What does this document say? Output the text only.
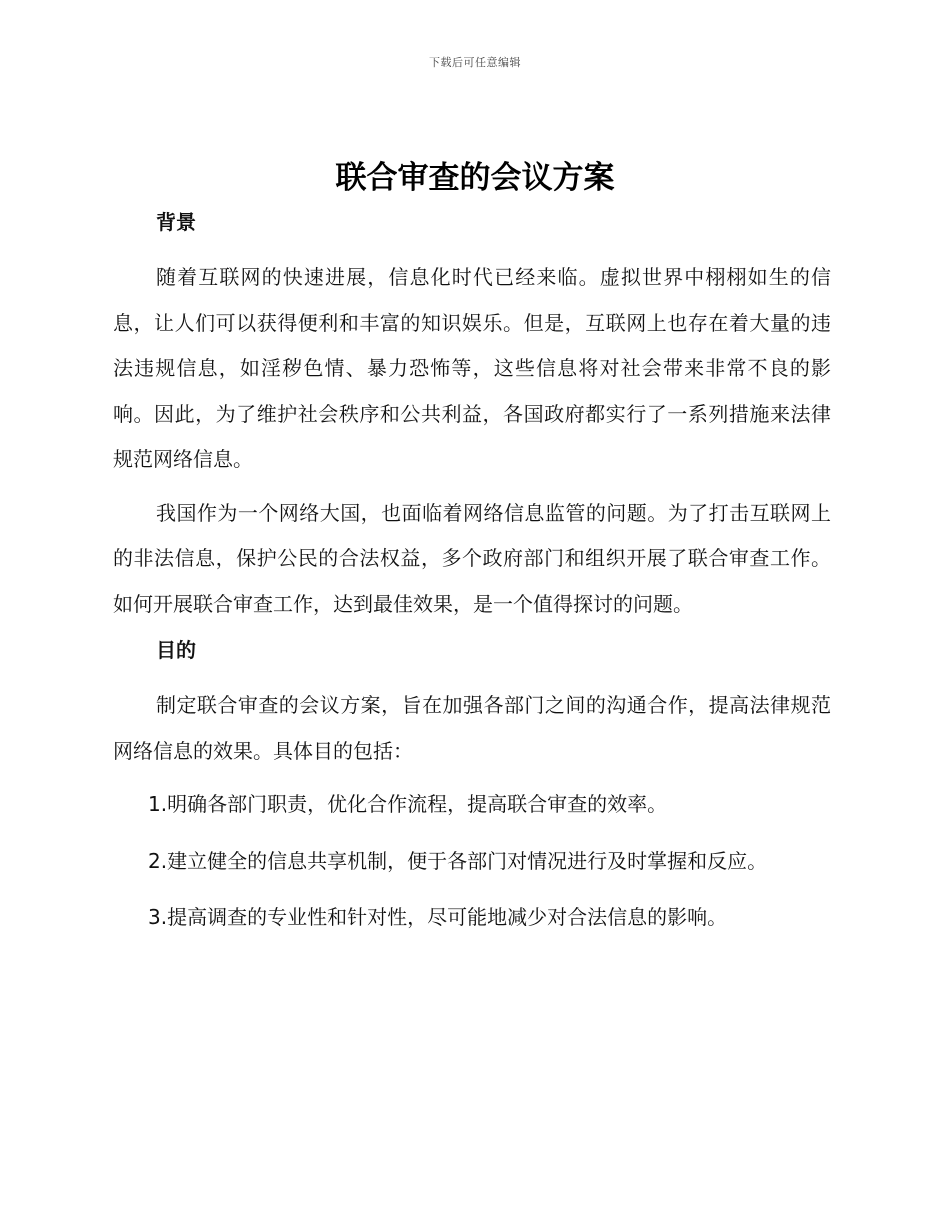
下载后可任意编辑
联合审查的会议方案
背景

随着互联网的快速进展，信息化时代已经来临。虚拟世界中栩栩如生的信息，让人们可以获得便利和丰富的知识娱乐。但是，互联网上也存在着大量的违法违规信息，如淫秽色情、暴力恐怖等，这些信息将对社会带来非常不良的影响。因此，为了维护社会秩序和公共利益，各国政府都实行了一系列措施来法律规范网络信息。

我国作为一个网络大国，也面临着网络信息监管的问题。为了打击互联网上的非法信息，保护公民的合法权益，多个政府部门和组织开展了联合审查工作。如何开展联合审查工作，达到最佳效果，是一个值得探讨的问题。

目的

制定联合审查的会议方案，旨在加强各部门之间的沟通合作，提高法律规范网络信息的效果。具体目的包括：

1.明确各部门职责，优化合作流程，提高联合审查的效率。

2.建立健全的信息共享机制，便于各部门对情况进行及时掌握和反应。

3.提高调查的专业性和针对性，尽可能地减少对合法信息的影响。
